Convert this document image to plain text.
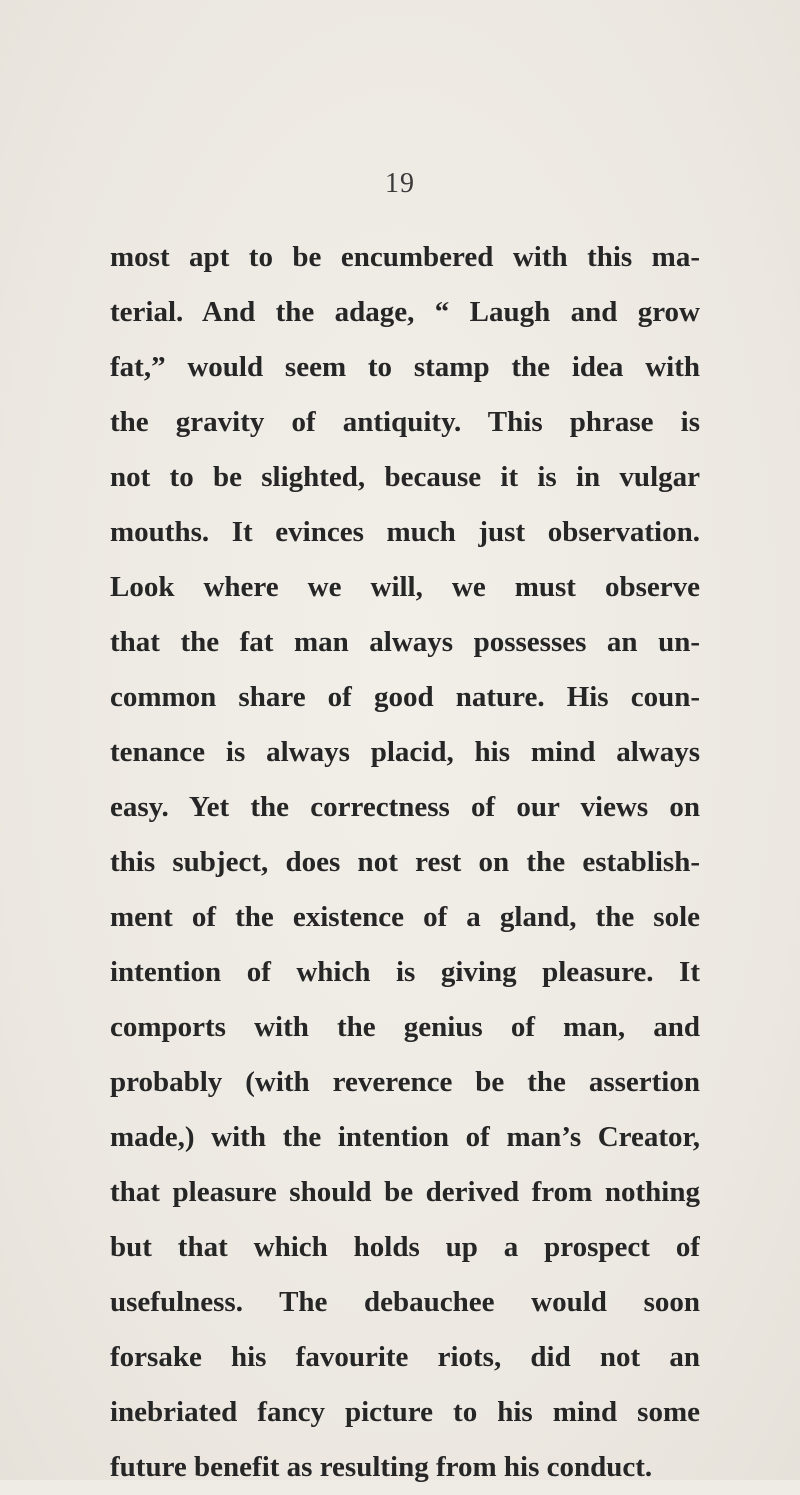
19
most apt to be encumbered with this ma-
terial. And the adage, “ Laugh and grow
fat,” would seem to stamp the idea with
the gravity of antiquity. This phrase is
not to be slighted, because it is in vulgar
mouths. It evinces much just observation.
Look where we will, we must observe
that the fat man always possesses an un-
common share of good nature. His coun-
tenance is always placid, his mind always
easy. Yet the correctness of our views on
this subject, does not rest on the establish-
ment of the existence of a gland, the sole
intention of which is giving pleasure. It
comports with the genius of man, and
probably (with reverence be the assertion
made,) with the intention of man’s Creator,
that pleasure should be derived from nothing
but that which holds up a prospect of
usefulness. The debauchee would soon
forsake his favourite riots, did not an
inebriated fancy picture to his mind some
future benefit as resulting from his conduct.
